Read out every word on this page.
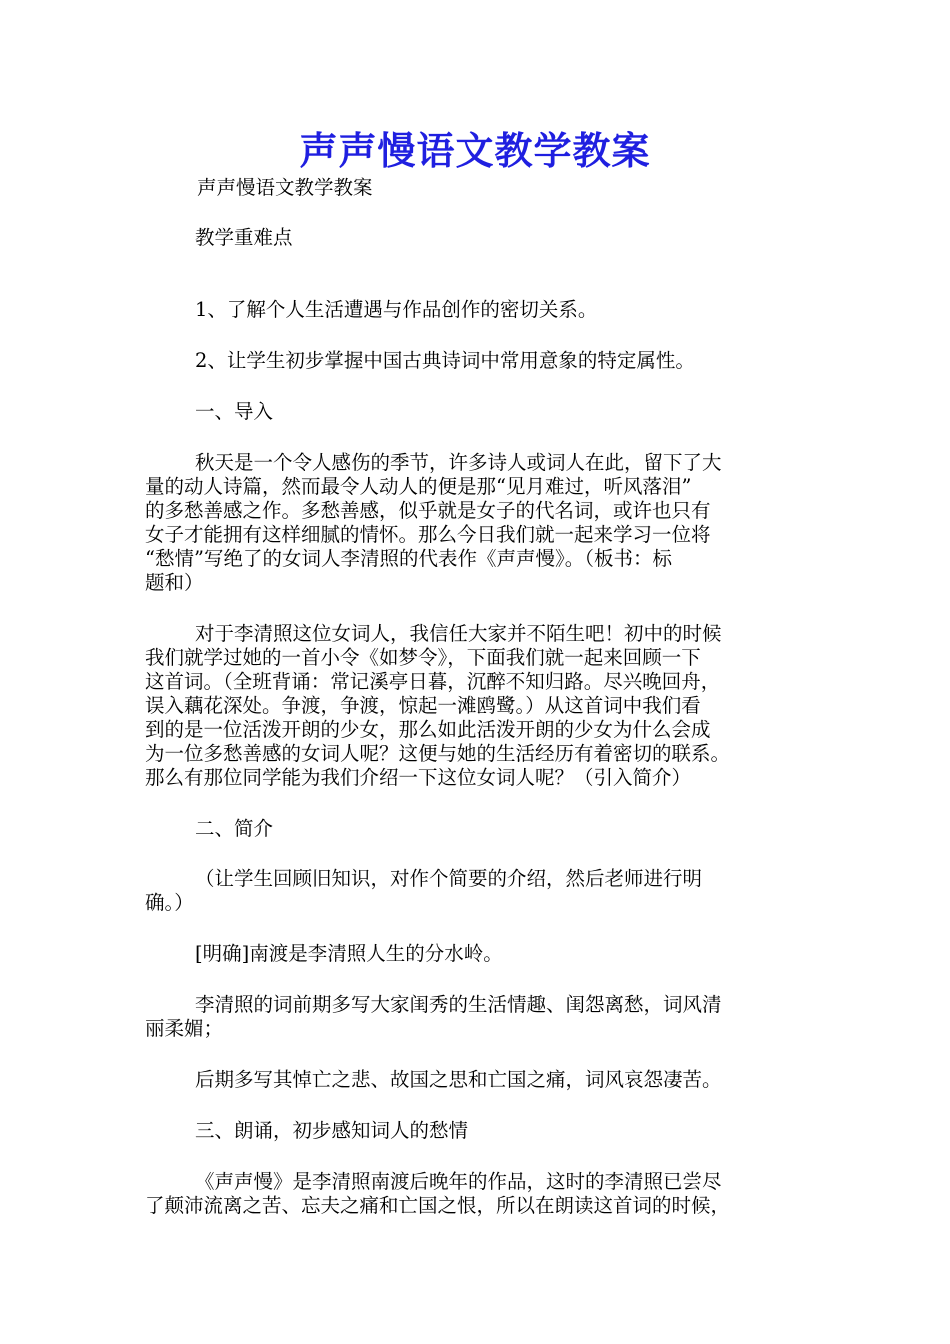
声声慢语文教学教案
声声慢语文教学教案
教学重难点
1、了解个人生活遭遇与作品创作的密切关系。
2、让学生初步掌握中国古典诗词中常用意象的特定属性。
一、导入
秋天是一个令人感伤的季节，许多诗人或词人在此，留下了大
量的动人诗篇，然而最令人动人的便是那“见月难过，听风落泪”
的多愁善感之作。多愁善感，似乎就是女子的代名词，或许也只有
女子才能拥有这样细腻的情怀。那么今日我们就一起来学习一位将
“愁情”写绝了的女词人李清照的代表作《声声慢》。（板书：标
题和）
对于李清照这位女词人，我信任大家并不陌生吧！初中的时候
我们就学过她的一首小令《如梦令》，下面我们就一起来回顾一下
这首词。（全班背诵：常记溪亭日暮，沉醉不知归路。尽兴晚回舟，
误入藕花深处。争渡，争渡，惊起一滩鸥鹭。）从这首词中我们看
到的是一位活泼开朗的少女，那么如此活泼开朗的少女为什么会成
为一位多愁善感的女词人呢？这便与她的生活经历有着密切的联系。
那么有那位同学能为我们介绍一下这位女词人呢？（引入简介）
二、简介
（让学生回顾旧知识，对作个简要的介绍，然后老师进行明
确。）
[明确]南渡是李清照人生的分水岭。
李清照的词前期多写大家闺秀的生活情趣、闺怨离愁，词风清
丽柔媚；
后期多写其悼亡之悲、故国之思和亡国之痛，词风哀怨凄苦。
三、朗诵，初步感知词人的愁情
《声声慢》是李清照南渡后晚年的作品，这时的李清照已尝尽
了颠沛流离之苦、忘夫之痛和亡国之恨，所以在朗读这首词的时候，
